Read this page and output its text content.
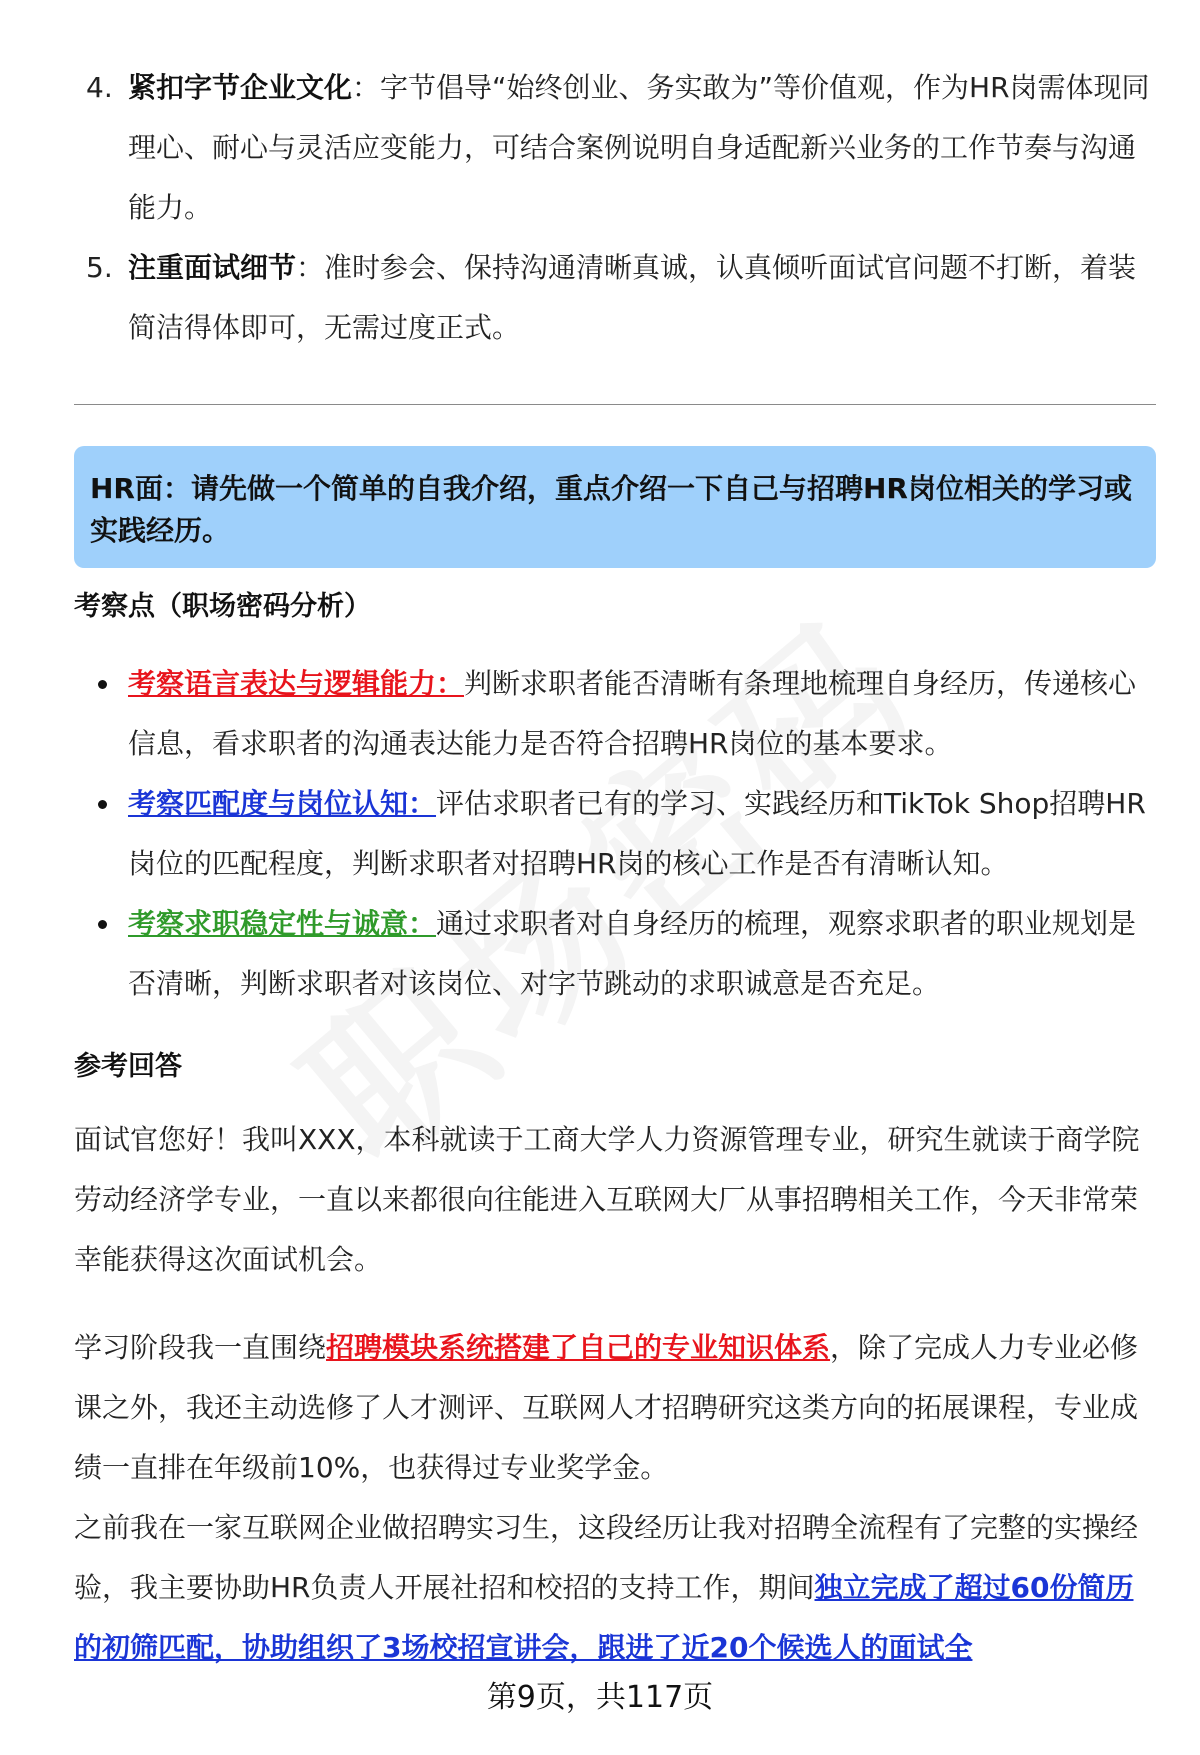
4. 紧扣字节企业文化：字节倡导“始终创业、务实敢为”等价值观，作为HR岗需体现同理心、耐心与灵活应变能力，可结合案例说明自身适配新兴业务的工作节奏与沟通能力。
5. 注重面试细节：准时参会、保持沟通清晰真诚，认真倾听面试官问题不打断，着装简洁得体即可，无需过度正式。
HR面：请先做一个简单的自我介绍，重点介绍一下自己与招聘HR岗位相关的学习或实践经历。
考察点（职场密码分析）
考察语言表达与逻辑能力：判断求职者能否清晰有条理地梳理自身经历，传递核心信息，看求职者的沟通表达能力是否符合招聘HR岗位的基本要求。
考察匹配度与岗位认知：评估求职者已有的学习、实践经历和TikTok Shop招聘HR岗位的匹配程度，判断求职者对招聘HR岗的核心工作是否有清晰认知。
考察求职稳定性与诚意：通过求职者对自身经历的梳理，观察求职者的职业规划是否清晰，判断求职者对该岗位、对字节跳动的求职诚意是否充足。
参考回答
面试官您好！我叫XXX，本科就读于工商大学人力资源管理专业，研究生就读于商学院劳动经济学专业，一直以来都很向往能进入互联网大厂从事招聘相关工作，今天非常荣幸能获得这次面试机会。
学习阶段我一直围绕招聘模块系统搭建了自己的专业知识体系，除了完成人力专业必修课之外，我还主动选修了人才测评、互联网人才招聘研究这类方向的拓展课程，专业成绩一直排在年级前10%，也获得过专业奖学金。
之前我在一家互联网企业做招聘实习生，这段经历让我对招聘全流程有了完整的实操经验，我主要协助HR负责人开展社招和校招的支持工作，期间独立完成了超过60份简历的初筛匹配，协助组织了3场校招宣讲会，跟进了近20个候选人的面试全
第9页，共117页
